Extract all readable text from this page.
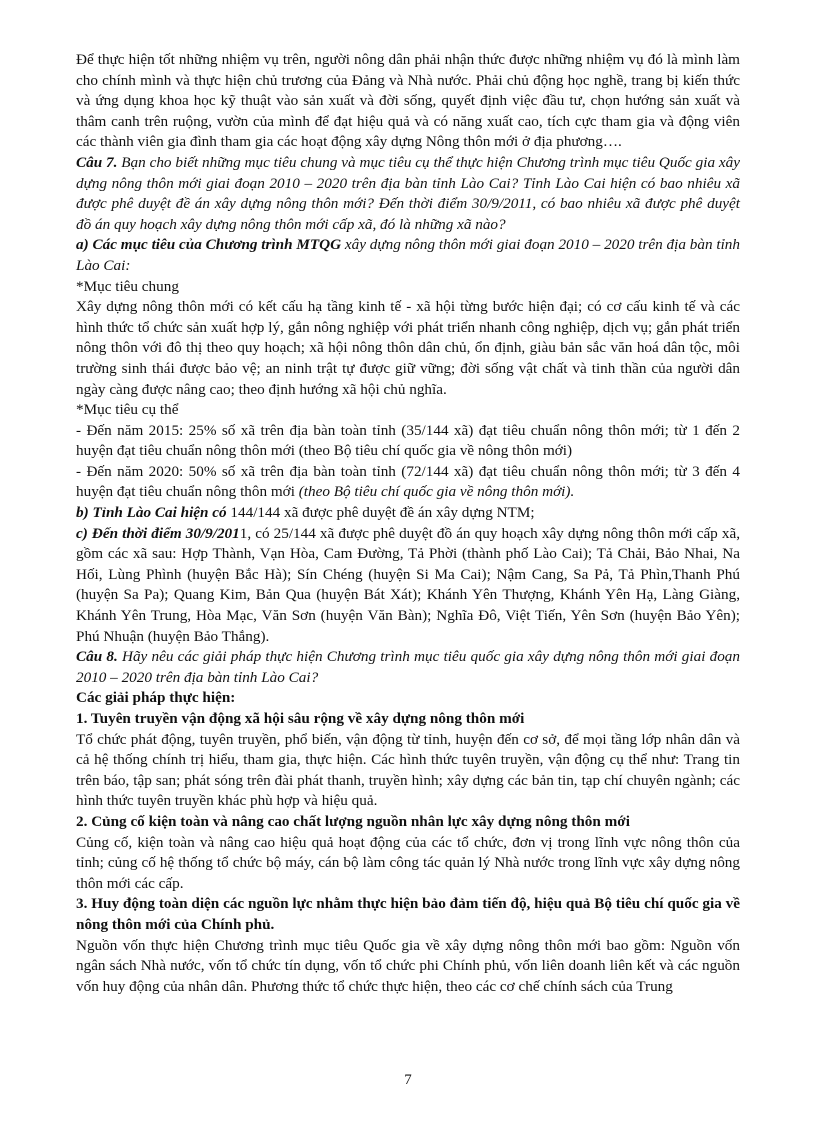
Để thực hiện tốt những nhiệm vụ trên, người nông dân phải nhận thức được những nhiệm vụ đó là mình làm cho chính mình và thực hiện chủ trương của Đảng và Nhà nước. Phải chủ động học nghề, trang bị kiến thức và ứng dụng khoa học kỹ thuật vào sản xuất và đời sống, quyết định việc đầu tư, chọn hướng sản xuất và thâm canh trên ruộng, vườn của mình để đạt hiệu quả và có năng xuất cao, tích cực tham gia và động viên các thành viên gia đình tham gia các hoạt động xây dựng Nông thôn mới ở địa phương….

Câu 7. Bạn cho biết những mục tiêu chung và mục tiêu cụ thể thực hiện Chương trình mục tiêu Quốc gia xây dựng nông thôn mới giai đoạn 2010 – 2020 trên địa bàn tỉnh Lào Cai? Tỉnh Lào Cai hiện có bao nhiêu xã được phê duyệt đề án xây dựng nông thôn mới? Đến thời điểm 30/9/2011, có bao nhiêu xã được phê duyệt đồ án quy hoạch xây dựng nông thôn mới cấp xã, đó là những xã nào?

a) Các mục tiêu của Chương trình MTQG xây dựng nông thôn mới giai đoạn 2010 – 2020 trên địa bàn tỉnh Lào Cai:

*Mục tiêu chung

Xây dựng nông thôn mới có kết cấu hạ tầng kinh tế - xã hội từng bước hiện đại; có cơ cấu kinh tế và các hình thức tổ chức sản xuất hợp lý, gắn nông nghiệp với phát triển nhanh công nghiệp, dịch vụ; gắn phát triển nông thôn với đô thị theo quy hoạch; xã hội nông thôn dân chủ, ổn định, giàu bản sắc văn hoá dân tộc, môi trường sinh thái được bảo vệ; an ninh trật tự được giữ vững; đời sống vật chất và tinh thần của người dân ngày càng được nâng cao; theo định hướng xã hội chủ nghĩa.

*Mục tiêu cụ thể

- Đến năm 2015: 25% số xã trên địa bàn toàn tỉnh (35/144 xã) đạt tiêu chuẩn nông thôn mới; từ 1 đến 2 huyện đạt tiêu chuẩn nông thôn mới (theo Bộ tiêu chí quốc gia về nông thôn mới)

- Đến năm 2020: 50% số xã trên địa bàn toàn tỉnh (72/144 xã) đạt tiêu chuẩn nông thôn mới; từ 3 đến 4 huyện đạt tiêu chuẩn nông thôn mới (theo Bộ tiêu chí quốc gia về nông thôn mới).

b) Tỉnh Lào Cai hiện có 144/144 xã được phê duyệt đề án xây dựng NTM;

c) Đến thời điểm 30/9/2011, có 25/144 xã được phê duyệt đồ án quy hoạch xây dựng nông thôn mới cấp xã, gồm các xã sau: Hợp Thành, Vạn Hòa, Cam Đường, Tả Phời (thành phố Lào Cai); Tả Chải, Bảo Nhai, Na Hối, Lùng Phình (huyện Bắc Hà); Sín Chéng (huyện Si Ma Cai); Nậm Cang, Sa Pả, Tả Phìn,Thanh Phú (huyện Sa Pa); Quang Kim, Bản Qua (huyện Bát Xát); Khánh Yên Thượng, Khánh Yên Hạ, Làng Giàng, Khánh Yên Trung, Hòa Mạc, Văn Sơn (huyện Văn Bàn); Nghĩa Đô, Việt Tiến, Yên Sơn (huyện Bảo Yên); Phú Nhuận (huyện Bảo Thắng).

Câu 8. Hãy nêu các giải pháp thực hiện Chương trình mục tiêu quốc gia xây dựng nông thôn mới giai đoạn 2010 – 2020 trên địa bàn tỉnh Lào Cai?

Các giải pháp thực hiện:

1. Tuyên truyền vận động xã hội sâu rộng về xây dựng nông thôn mới

Tổ chức phát động, tuyên truyền, phổ biến, vận động từ tỉnh, huyện đến cơ sở, để mọi tầng lớp nhân dân và cả hệ thống chính trị hiểu, tham gia, thực hiện. Các hình thức tuyên truyền, vận động cụ thể như: Trang tin trên báo, tập san; phát sóng trên đài phát thanh, truyền hình; xây dựng các bản tin, tạp chí chuyên ngành; các hình thức tuyên truyền khác phù hợp và hiệu quả.

2. Củng cố kiện toàn và nâng cao chất lượng nguồn nhân lực xây dựng nông thôn mới

Củng cố, kiện toàn và nâng cao hiệu quả hoạt động của các tổ chức, đơn vị trong lĩnh vực nông thôn của tỉnh; củng cố hệ thống tổ chức bộ máy, cán bộ làm công tác quản lý Nhà nước trong lĩnh vực xây dựng nông thôn mới các cấp.

3. Huy động toàn diện các nguồn lực nhằm thực hiện bảo đảm tiến độ, hiệu quả Bộ tiêu chí quốc gia về nông thôn mới của Chính phủ.

Nguồn vốn thực hiện Chương trình mục tiêu Quốc gia về xây dựng nông thôn mới bao gồm: Nguồn vốn ngân sách Nhà nước, vốn tổ chức tín dụng, vốn tổ chức phi Chính phủ, vốn liên doanh liên kết và các nguồn vốn huy động của nhân dân. Phương thức tổ chức thực hiện, theo các cơ chế chính sách của Trung

7
